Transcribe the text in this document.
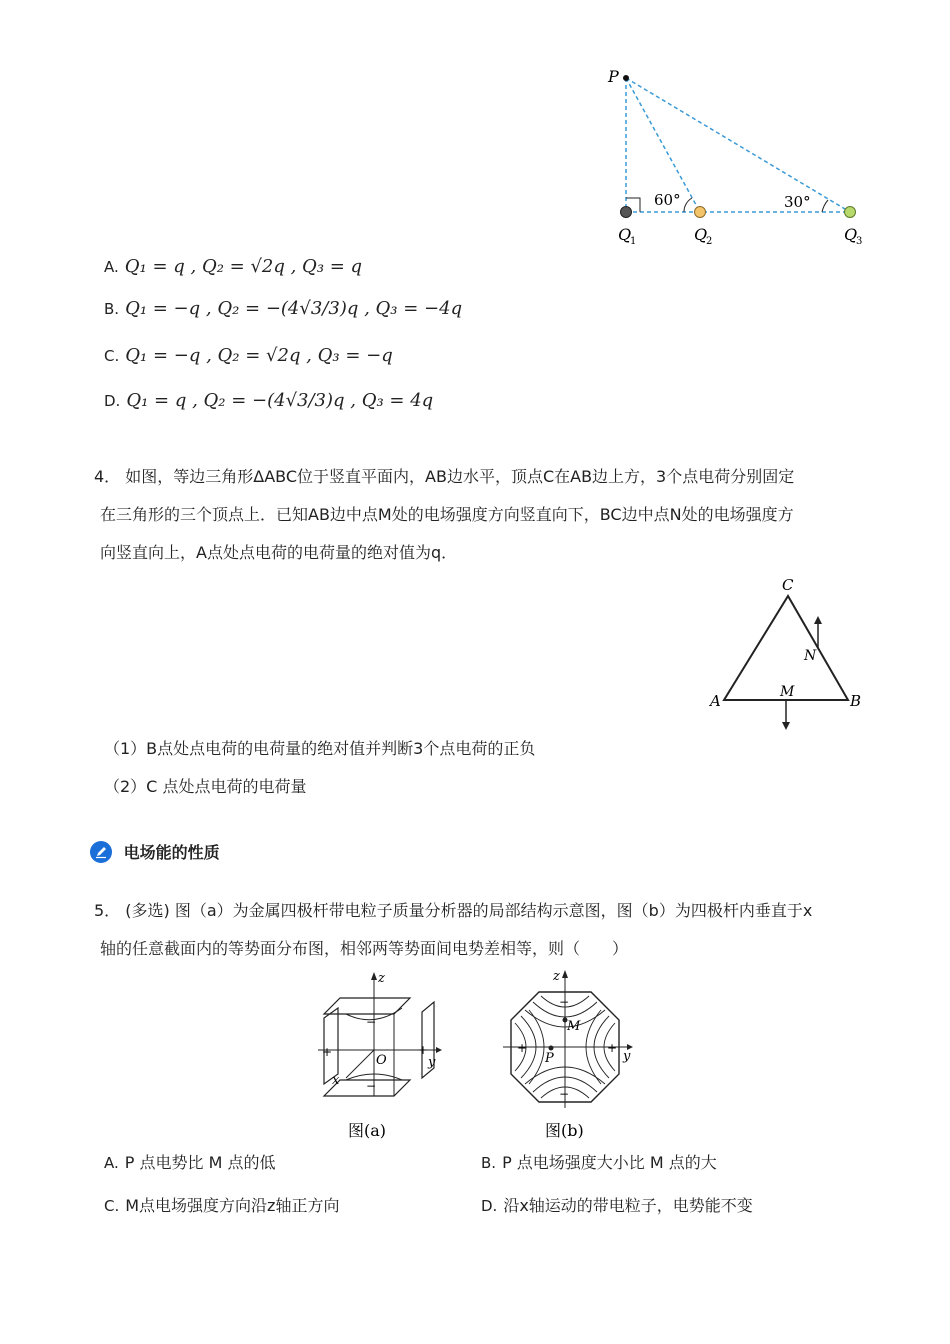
P
60°	30°
Q
1	Q
2	Q
3
A. Q₁ = q , Q₂ = √2q , Q₃ = q
B. Q₁ = −q , Q₂ = −(4√3/3)q , Q₃ = −4q
C. Q₁ = −q , Q₂ = √2q , Q₃ = −q
D. Q₁ = q , Q₂ = −(4√3/3)q , Q₃ = 4q
4． 如图，等边三角形ΔABC位于竖直平面内，AB边水平，顶点C在AB边上方，3个点电荷分别固定
在三角形的三个顶点上．已知AB边中点M处的电场强度方向竖直向下，BC边中点N处的电场强度方
向竖直向上，A点处点电荷的电荷量的绝对值为q．
C
A	B
M
N
（1）B点处点电荷的电荷量的绝对值并判断3个点电荷的正负
（2）C 点处点电荷的电荷量
电场能的性质
5． (多选) 图（a）为金属四极杆带电粒子质量分析器的局部结构示意图，图（b）为四极杆内垂直于x
轴的任意截面内的等势面分布图，相邻两等势面间电势差相等，则（　　）
−
−
+	+
z
y
x
O
图(a)
−
−
+	+
z
y
M
P
图(b)
A. P 点电势比 M 点的低	B. P 点电场强度大小比 M 点的大
C. M点电场强度方向沿z轴正方向	D. 沿x轴运动的带电粒子，电势能不变
